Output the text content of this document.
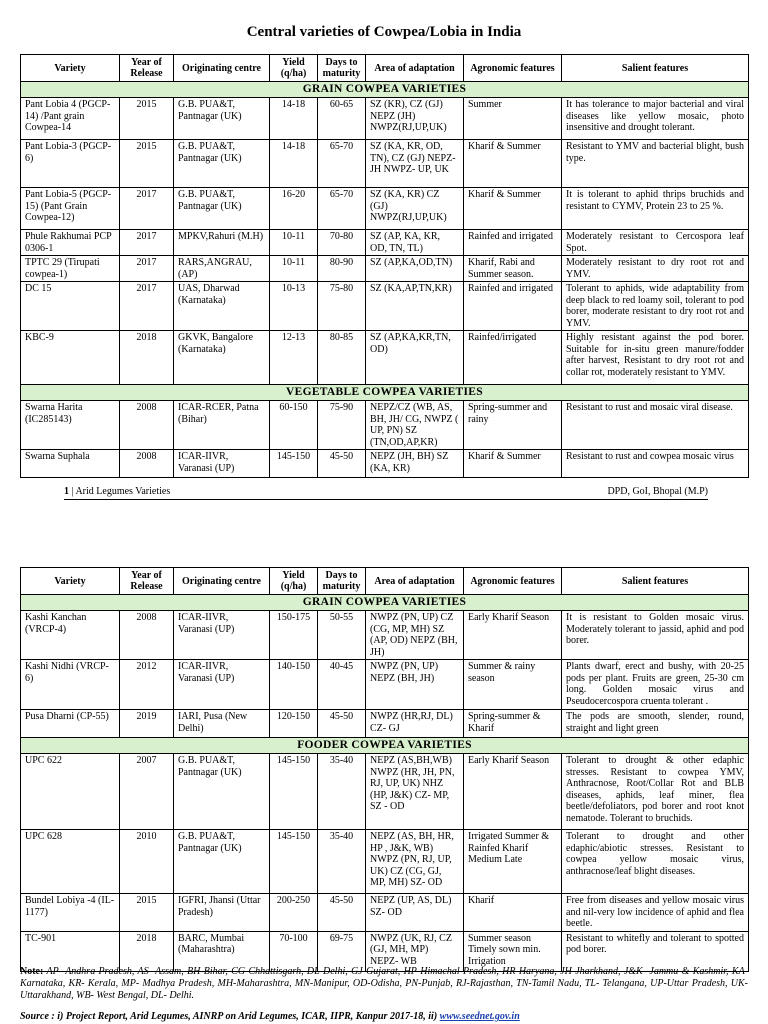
Central varieties of Cowpea/Lobia in India
Variety	Year of Release	Originating centre	Yield (q/ha)	Days to maturity	Area of adaptation	Agronomic features	Salient features
GRAIN COWPEA VARIETIES							
Pant Lobia 4 (PGCP-14) /Pant grain Cowpea-14	2015	G.B. PUA&T, Pantnagar (UK)	14-18	60-65	SZ (KR), CZ (GJ) NEPZ (JH) NWPZ(RJ,UP,UK)	Summer	It has tolerance to major bacterial and viral diseases like yellow mosaic, photo insensitive and drought tolerant.
Pant Lobia-3 (PGCP-6)	2015	G.B. PUA&T, Pantnagar (UK)	14-18	65-70	SZ (KA, KR, OD, TN), CZ (GJ) NEPZ- JH NWPZ- UP, UK	Kharif & Summer	Resistant to YMV and bacterial blight, bush type.
Pant Lobia-5 (PGCP-15) (Pant Grain Cowpea-12)	2017	G.B. PUA&T, Pantnagar (UK)	16-20	65-70	SZ (KA, KR) CZ (GJ) NWPZ(RJ,UP,UK)	Kharif & Summer	It is tolerant to aphid thrips bruchids and resistant to CYMV, Protein 23 to 25 %.
Phule Rakhumai PCP 0306-1	2017	MPKV,Rahuri (M.H)	10-11	70-80	SZ (AP, KA, KR, OD, TN, TL)	Rainfed and irrigated	Moderately resistant to Cercospora leaf Spot.
TPTC 29 (Tirupati cowpea-1)	2017	RARS,ANGRAU, (AP)	10-11	80-90	SZ (AP,KA,OD,TN)	Kharif, Rabi and Summer season.	Moderately resistant to dry root rot and YMV.
DC 15	2017	UAS, Dharwad (Karnataka)	10-13	75-80	SZ (KA,AP,TN,KR)	Rainfed and irrigated	Tolerant to aphids, wide adaptability from deep black to red loamy soil, tolerant to pod borer, moderate resistant to dry root rot and YMV.
KBC-9	2018	GKVK, Bangalore (Karnataka)	12-13	80-85	SZ (AP,KA,KR,TN, OD)	Rainfed/irrigated	Highly resistant against the pod borer. Suitable for in-situ green manure/fodder after harvest, Resistant to dry root rot and collar rot, moderately resistant to YMV.
VEGETABLE COWPEA VARIETIES							
Swarna Harita (IC285143)	2008	ICAR-RCER, Patna (Bihar)	60-150	75-90	NEPZ/CZ (WB, AS, BH, JH/ CG, NWPZ ( UP, PN) SZ (TN,OD,AP,KR)	Spring-summer and rainy	Resistant to rust and mosaic viral disease.
Swarna Suphala	2008	ICAR-IIVR, Varanasi (UP)	145-150	45-50	NEPZ (JH, BH) SZ (KA, KR)	Kharif & Summer	Resistant to rust and cowpea mosaic virus
1 | Arid Legumes Varieties	DPD, GoI, Bhopal (M.P)
Variety	Year of Release	Originating centre	Yield (q/ha)	Days to maturity	Area of adaptation	Agronomic features	Salient features
GRAIN COWPEA VARIETIES							
Kashi Kanchan (VRCP-4)	2008	ICAR-IIVR, Varanasi (UP)	150-175	50-55	NWPZ (PN, UP) CZ (CG, MP, MH) SZ (AP, OD) NEPZ (BH, JH)	Early Kharif Season	It is resistant to Golden mosaic virus. Moderately tolerant to jassid, aphid and pod borer.
Kashi Nidhi (VRCP-6)	2012	ICAR-IIVR, Varanasi (UP)	140-150	40-45	NWPZ (PN, UP) NEPZ (BH, JH)	Summer & rainy season	Plants dwarf, erect and bushy, with 20-25 pods per plant. Fruits are green, 25-30 cm long. Golden mosaic virus and Pseudocercospora cruenta tolerant .
Pusa Dharni (CP-55)	2019	IARI, Pusa (New Delhi)	120-150	45-50	NWPZ (HR,RJ, DL) CZ- GJ	Spring-summer & Kharif	The pods are smooth, slender, round, straight and light green
FOODER COWPEA VARIETIES							
UPC 622	2007	G.B. PUA&T, Pantnagar (UK)	145-150	35-40	NEPZ (AS,BH,WB) NWPZ (HR, JH, PN, RJ, UP, UK) NHZ (HP, J&K) CZ- MP, SZ - OD	Early Kharif Season	Tolerant to drought & other edaphic stresses. Resistant to cowpea YMV, Anthracnose, Root/Collar Rot and BLB diseases, aphids, leaf miner, flea beetle/defoliators, pod borer and root knot nematode. Tolerant to bruchids.
UPC 628	2010	G.B. PUA&T, Pantnagar (UK)	145-150	35-40	NEPZ (AS, BH, HR, HP , J&K, WB) NWPZ (PN, RJ, UP, UK) CZ (CG, GJ, MP, MH) SZ- OD	Irrigated Summer & Rainfed Kharif Medium Late	Tolerant to drought and other edaphic/abiotic stresses. Resistant to cowpea yellow mosaic virus, anthracnose/leaf blight diseases.
Bundel Lobiya -4 (IL- 1177)	2015	IGFRI, Jhansi (Uttar Pradesh)	200-250	45-50	NEPZ (UP, AS, DL) SZ- OD	Kharif	Free from diseases and yellow mosaic virus and nil-very low incidence of aphid and flea beetle.
TC-901	2018	BARC, Mumbai (Maharashtra)	70-100	69-75	NWPZ (UK, RJ, CZ (GJ, MH, MP) NEPZ- WB	Summer season Timely sown min. Irrigation	Resistant to whitefly and tolerant to spotted pod borer.
Note: AP- Andhra Pradesh, AS- Assam, BH-Bihar, CG-Chhattisgarh, DL-Delhi, GJ-Gujarat, HP-Himachal Pradesh, HR-Haryana, JH-Jharkhand, J&K- Jammu & Kashmir, KA-Karnataka, KR- Kerala, MP- Madhya Pradesh, MH-Maharashtra, MN-Manipur, OD-Odisha, PN-Punjab, RJ-Rajasthan, TN-Tamil Nadu, TL- Telangana, UP-Uttar Pradesh, UK- Uttarakhand, WB- West Bengal, DL- Delhi.
Source : i) Project Report, Arid Legumes, AINRP on Arid Legumes, ICAR, IIPR, Kanpur 2017-18, ii) www.seednet.gov.in
